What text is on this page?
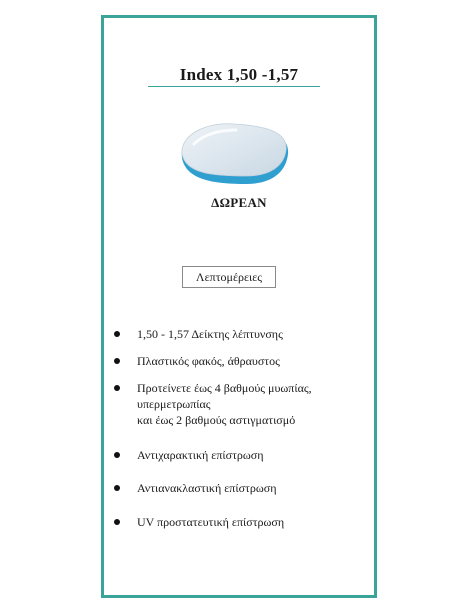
Index 1,50 -1,57
ΔΩΡΕΑΝ
Λεπτομέρειες
1,50 - 1,57 Δείκτης λέπτυνσης
Πλαστικός φακός, άθραυστος
Προτείνετε έως 4 βαθμούς μυωπίας,
υπερμετρωπίας
και έως 2 βαθμούς αστιγματισμό
Αντιχαρακτική επίστρωση
Αντιανακλαστική επίστρωση
UV προστατευτική επίστρωση
